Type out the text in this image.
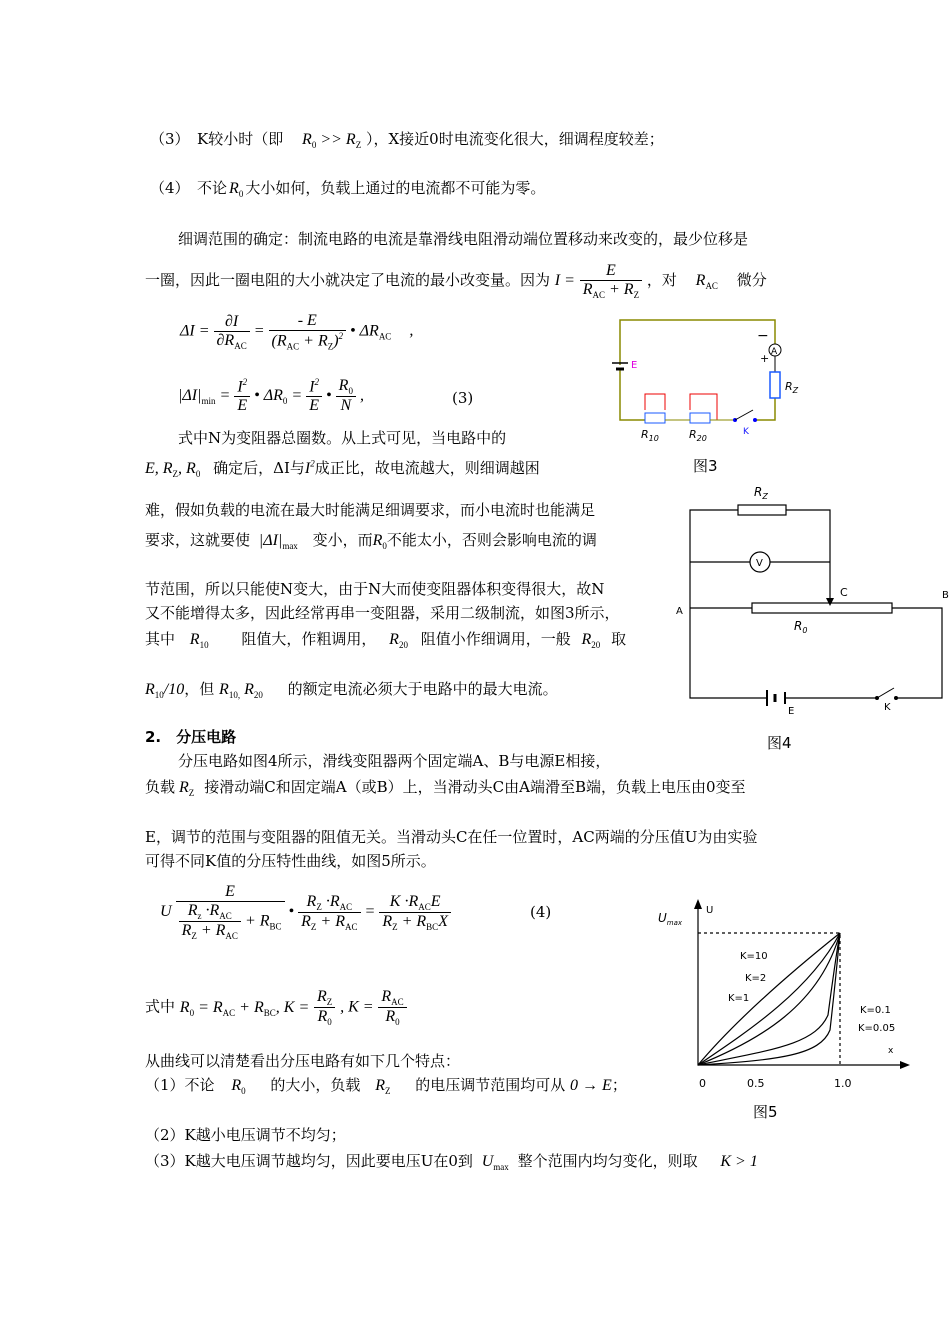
（3）　K较小时（即 $R_0 >> R_Z$ ），X接近0时电流变化很大，细调程度较差；
（4）　不论 $R_0$ 大小如何，负载上通过的电流都不可能为零。
细调范围的确定：制流电路的电流是靠滑线电阻滑动端位置移动来改变的，最少位移是
一圈，因此一圈电阻的大小就决定了电流的最小改变量。因为 $I = \frac{E}{R_{AC} + R_Z}$ ，对 $R_{AC}$ 微分
$\Delta I = \frac{\partial I}{\partial R_{AC}} = \frac{- E}{(R_{AC} + R_Z)^2}$ • $\Delta R_{AC}$ ,
$|\Delta I|_{min} = \frac{I^2}{E}$ • $\Delta R_0 = \frac{I^2}{E}$ • $\frac{R_0}{N}$ ,	(3)
式中N为变阻器总圈数。从上式可见，当电路中的
E, $R_Z$, $R_0$ 确定后，ΔI与$I^2$成正比，故电流越大，则细调越困
难，假如负载的电流在最大时能满足细调要求，而小电流时也能满足
要求，这就要使 $|\Delta I|_{max}$ 变小，而$R_0$不能太小，否则会影响电流的调
节范围，所以只能使N变大，由于N大而使变阻器体积变得很大，故N
又不能增得太多，因此经常再串一变阻器，采用二级制流，如图3所示，
其中 $R_{10}$ 阻值大，作粗调用， $R_{20}$ 阻值小作细调用，一般 $R_{20}$ 取
$R_{10}/10$，但 $R_{10,}$ $R_{20}$ 的额定电流必须大于电路中的最大电流。
2.　分压电路
分压电路如图4所示，滑线变阻器两个固定端A、B与电源E相接，
负载 $R_Z$ 接滑动端C和固定端A（或B）上，当滑动头C由A端滑至B端，负载上电压由0变至
E，调节的范围与变阻器的阻值无关。当滑动头C在任一位置时，AC两端的分压值U为由实验
可得不同K值的分压特性曲线，如图5所示。
U $\frac{E}{\frac{R_z \cdot R_{AC}}{R_Z + R_{AC}} + R_{BC}}$ • $\frac{R_Z \cdot R_{AC}}{R_Z + R_{AC}} = \frac{K \cdot R_{AC}E}{R_Z + R_{BC}X}$	(4)
式中 $R_0 = R_{AC} + R_{BC}$, $K = \frac{R_Z}{R_0}$ , $K = \frac{R_{AC}}{R_0}$
从曲线可以清楚看出分压电路有如下几个特点：
（1）不论 $R_0$ 的大小，负载 $R_Z$ 的电压调节范围均可从 0 → E；
（2）K越小电压调节不均匀；
（3）K越大电压调节越均匀，因此要电压U在0到 $U_{max}$ 整个范围内均匀变化，则取 K > 1
E
A
−
+
$R_Z$
$R_{10}$	$R_{20}$
K
图3
$R_Z$
V
C
A
B
$R_0$
E	K
图4
$U_{max}$
U
x
0	0.5	1.0
K=10
K=2
K=1
K=0.1
K=0.05
图5
